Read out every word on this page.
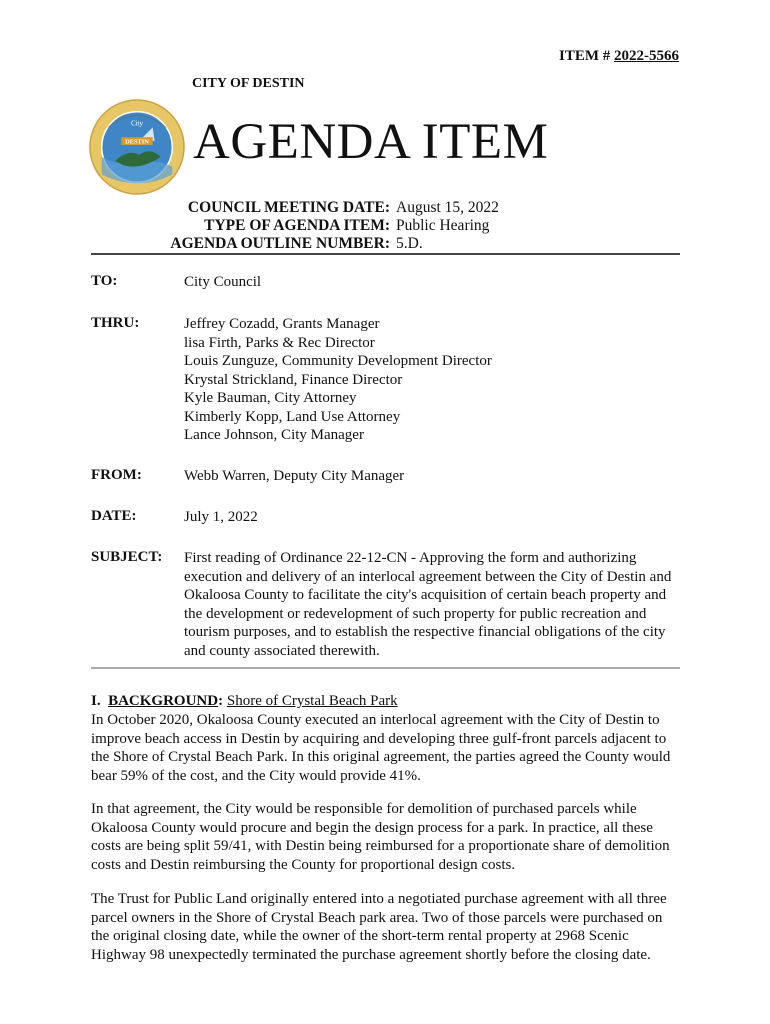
ITEM # 2022-5566
CITY OF DESTIN
City
DESTIN AGENDA ITEM
COUNCIL MEETING DATE: August 15, 2022
TYPE OF AGENDA ITEM: Public Hearing
AGENDA OUTLINE NUMBER: 5.D.
TO:	City Council
THRU:	Jeffrey Cozadd, Grants Manager
lisa Firth, Parks & Rec Director
Louis Zunguze, Community Development Director
Krystal Strickland, Finance Director
Kyle Bauman, City Attorney
Kimberly Kopp, Land Use Attorney
Lance Johnson, City Manager
FROM:	Webb Warren, Deputy City Manager
DATE:	July 1, 2022
SUBJECT: First reading of Ordinance 22-12-CN - Approving the form and authorizing execution and delivery of an interlocal agreement between the City of Destin and Okaloosa County to facilitate the city's acquisition of certain beach property and the development or redevelopment of such property for public recreation and tourism purposes, and to establish the respective financial obligations of the city and county associated therewith.
I. BACKGROUND: Shore of Crystal Beach Park
In October 2020, Okaloosa County executed an interlocal agreement with the City of Destin to improve beach access in Destin by acquiring and developing three gulf-front parcels adjacent to the Shore of Crystal Beach Park. In this original agreement, the parties agreed the County would bear 59% of the cost, and the City would provide 41%.
In that agreement, the City would be responsible for demolition of purchased parcels while Okaloosa County would procure and begin the design process for a park. In practice, all these costs are being split 59/41, with Destin being reimbursed for a proportionate share of demolition costs and Destin reimbursing the County for proportional design costs.
The Trust for Public Land originally entered into a negotiated purchase agreement with all three parcel owners in the Shore of Crystal Beach park area. Two of those parcels were purchased on the original closing date, while the owner of the short-term rental property at 2968 Scenic Highway 98 unexpectedly terminated the purchase agreement shortly before the closing date.
